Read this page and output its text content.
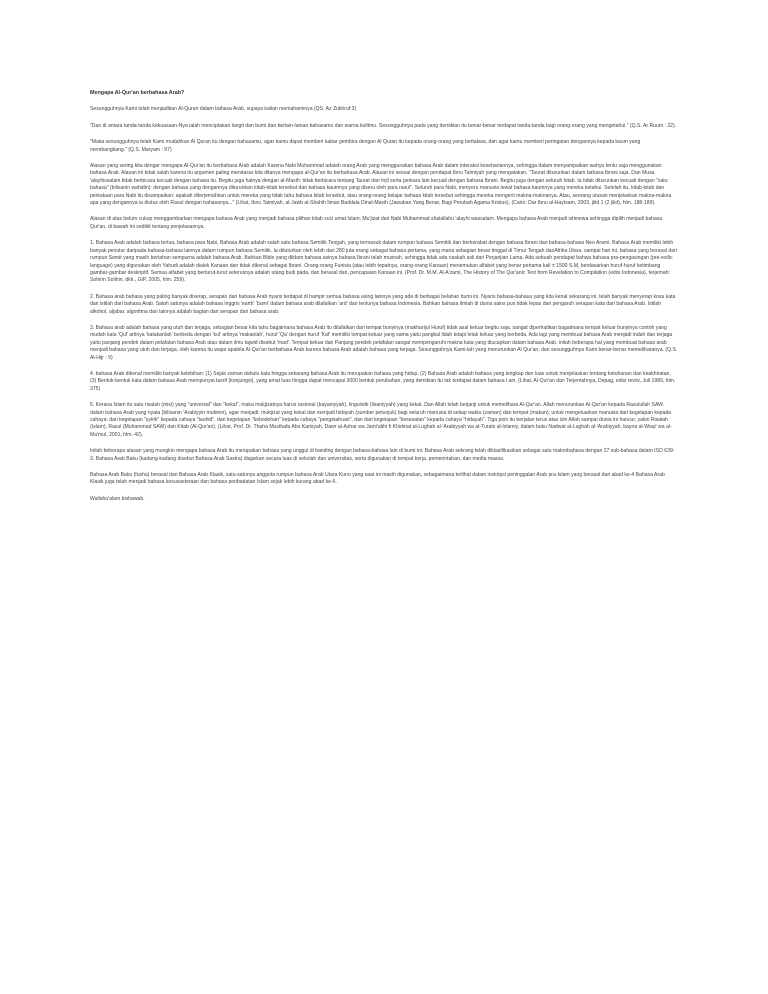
Mengapa Al-Qur'an berbahasa Arab?

Sesungguhnya Kami telah menjadikan Al-Quran dalam bahasa Arab, supaya kalian memahaminya (QS. Az Zukhruf:3)

"Dan di antara tanda-tanda kekuasaan-Nya ialah menciptakan langit dan bumi dan berlain-lainan bahasamu dan warna kulitmu. Sesungguhnya pada yang demikian itu benar-benar terdapat tanda-tanda bagi orang-orang yang mengetahui." (Q.S. Ar Ruum : 22).

"Maka sesungguhnya telah Kami mudahkan Al Quran itu dengan bahasamu, agar kamu dapat memberi kabar gembira dengan Al Quran itu kepada orang-orang yang bertakwa, dan agar kamu memberi peringatan dengannya kepada kaum yang membangkang." (Q.S. Maryam : 97)

Alasan yang sering kita dengar mengapa Al-Qur'an itu berbahasa Arab adalah Karena Nabi Muhammad adalah orang Arab yang menggunakan bahasa Arab dalam interaksi kesehariannya, sehingga dalam menyampaikan wahyu tentu saja menggunakan bahasa Arab. Alasan ini tidak salah karena itu argumen paling mendasar kita ditanya mengapa al-Qur'an itu berbahasa Arab. Alasan ini sesuai dengan pendapat Ibnu Taimiyah yang mengatakan, "Taurat diturunkan dalam bahasa Ibrani saja. Dan Musa 'alayhissalam tidak berbicara kecuali dengan bahasa itu. Begitu juga halnya dengan al-Masih: tidak berbicara tentang Taurat dan Injil serta perkara lain kecuali dengan bahasa Ibrani. Begitu juga dengan seluruh kitab. Ia tidak diturunkan kecuali dengan "satu bahasa" (bilisanin wahidin): dengan bahasa yang dengannya diturunkan kitab-kitab tersebut dan bahasa kaumnya yang diseru oleh para rasul". Seluruh para Nabi, menyeru manusia lewat bahasa kaumnya yang mereka ketahui. Setelah itu, kitab-kitab dan perkataan para Nabi itu disampaikan: apakah diterjemahkan untuk mereka yang tidak tahu bahasa kitab tersebut, atau orang-orang belajar bahasa kitab tersebut sehingga mereka mengerti makna-maknanya. Atau, seorang utusan menjelaskan makna-makna apa yang dengannya ia diutus oleh Rasul dengan bahasanya..." (Lihat, Ibnu Taimiyah, al-Jawb al-Shahih liman Baddala Dinal-Masih (Jawaban Yang Benar, Bagi Perubah Agama Kristus), (Cairo: Dar Ibnu al-Haytsam, 2003, jilid 1 (2 jilid), hlm. 188-189).

Alasan di atas belum cukup menggambarkan mengapa bahasa Arab yang menjadi bahasa pilihan kitab suci umat Islam, Mu'jizat dari Nabi Muhammad shalallahu 'alayhi wassalam. Mengapa bahasa Arab menjadi istimewa sehingga dipilih menjadi bahasa Qur'an, di bawah ini sedikit tentang penjelasannya.

1. Bahasa Arab adalah bahasa tertua, bahasa para Nabi, Bahasa Arab adalah salah satu bahasa Semitik Tengah, yang termasuk dalam rumpun bahasa Semitik dan berkerabat dengan bahasa Ibrani dan bahasa-bahasa Neo Arami. Bahasa Arab memiliki lebih banyak penutur daripada bahasa-bahasa lainnya dalam rumpun bahasa Semitik. Ia dituturkan oleh lebih dari 280 juta orang sebagai bahasa pertama, yang mana sebagian besar tinggal di Timur Tengah danAfrika Utara. sampai hari ini, bahasa yang berasal dari rumpun Semit yang masih bertahan sempurna adalah bahasa Arab. Bahkan Bible yang dildam bahasa asinya bahasa Ibrani telah musnah, sehingga tidak ada naskah asli dari Perjanjian Lama. Ada sebuah pendapat bahwa bahasa pra-pengasingan (pre-exilic language) yang digunakan oleh Yahudi adalah dialek Kanaan dan tidak dikenal sebagai Ibrani. Orang-orang Funisia (atau lebih tepatnya, orang-orang Kanaan) menemukan alfabet yang benar pertama kali ± 1500 S.M, berdasarkan huruf-huruf ketimbang gambar-gambar deskriptif. Semua alfabet yang berturut-turut seterusnya adalah utang budi pada, dan berasal dari, pencapaian Kanaan ini. (Prof. Dr. M.M. Al-A'zami, The History of The Qur'anic Text from Revelation to Compilation (edisi Indonesia), terjemah: Sohirin Solihin, dkk., GIP, 2005, hlm. 259).

2. Bahasa arab bahasa yang paling banyak diserap, serapan dari bahasa Arab nyaris terdapat di hampir semua bahasa asing lainnya yang ada di berbagai belahan bumi ini. Nyaris bahasa-bahasa yang kita kenal sekarang ini, telah banyak menyerap kosa kata dan istilah dari bahasa Arab. Salah satunya adalah bahasa Inggris 'earth' 'bumi' dalam bahasa arab dilafalkan 'ard' dan tentunya bahasa Indonesia. Bahkan bahasa ilmiah di dunia sains pun tidak lepas dari pengaruh serapan kata dari bahasa Arab. Istilah alkohol, aljabar, algoritma dan lainnya adalah bagian dari serapan dari bahasa arab.

3. Bahasa arab adalah bahasa yang utuh dan terjaga, sebagian besar kita tahu bagaimana bahasa Arab itu dilafalkan dari tempat bunyinya (makharijul Huruf) tidak asal keluar begitu saja, sangat diperhatikan bagaimana tempat keluar bunyinya contoh yang mudah kata 'Qul' artinya 'katakanlah' berbeda dengan 'kul' artinya 'makanlah', huruf 'Qa' dengan huruf 'Kaf' memiliki tempat keluar yang sama yaitu pangkal lidah tetapi letak keluar yang berbeda. Ada lagi yang membuat bahasa Arab menjadi indah dan terjaga yaitu panjang pendek dalam pelafalan bahasa Arab atau dalam ilmu tajwid disebut 'mad'. Tempat keluar dan Panjang pendek pelafalan sangat mempengaruhi makna kata yang diucapkan dalam bahasa Arab. inilah beberapa hal yang membuat bahasa arab menjadi bahasa yang utuh dan terjaga, oleh karena itu wajar apabila Al-Qur'an berbahasa Arab karena bahasa Arab adalah bahasa yang terjaga. Sesungguhnya Kami-lah yang menurunkan Al Qur'an, dan sesungguhnya Kami benar-benar memeliharanya. (Q.S. Al-Hijr : 9)

4. bahasa Arab dikenal memiliki banyak kelebihan: (1) Sejak zaman dahulu kala hingga sekarang bahasa Arab itu merupakan bahasa yang hidup, (2) Bahasa Arab adalah bahasa yang lengkap dan luas untuk menjelaskan tentang ketuhanan dan keakhiratan, (3) Bentuk-bentuk kata dalam bahasa Arab mempunyai tasrif (konjungsi), yang amat luas hingga dapat mencapai 3000 bentuk perubahan, yang demikian itu tak terdapat dalam bahasa l ain. (Lihat, Al-Qur'an dan Terjemahnya, Depag, edisi revisi, Juli 1989, hlm. 375)

5. Kerana Islam itu satu risalah (misi) yang "universal" dan "kekal", maka mukjizatnya harus rasional (bayaniyyah), linguistik (lisaniyyah) yang kekal. Dan Allah telah berjanji untuk memelihara Al-Qur'an. Allah menurunkan Al-Qur'an kepada Rasulullah SAW. dalam bahasa Arab yang nyata (bilisanin 'Arabiyyin mubinin), agar menjadi: mukjizat yang kekal dan menjadi hidayah (sumber petunjuk) bagi seluruh manusia di setiap waktu (zaman) dan tempat (makan); untuk mengeluarkan manusia dari kegelapan kepada cahaya: dari kegelapan "syirik" kepada cahaya "tauhid", dari kegelapan "kebodohan" kepada cahaya "pengetahuan", dan dari kegelapan "kesesatan" kepada cahaya "hidayah". Tiga poin itu berjalan terus atas izin Allah sampai dunia ini hancur, yakni Risalah (Islam), Rasul (Muhammad SAW) dan Kitab (Al-Qur'an). (Lihat, Prof. Dr. Thaha Musthafa Abu Karisyah, Dawr al-Azhar wa Jami'atihi fi Khidmat al-Lughah al-'Arabiyyah wa al-Turats al-Islamiy, dalam buku Nadwat al-Lughah al-'Arabiyyah, bayna al-Waqi' wa al-Ma'mul, 2001, hlm. 42).

Inilah beberapa alasan yang mungkin mengapa bahasa Arab itu merupakan bahasa yang unggul di banding dengan bahasa-bahasa lain di bumi ini. Bahasa Arab sekrang telah diklasifikasikan sebagai satu makrobahasa dengan 27 sub-bahasa dalam ISO 639-3. Bahasa Arab Baku (kadang-kadang disebut Bahasa Arab Sastra) diajarkan secara luas di sekolah dan universitas, serta digunakan di tempat kerja, pemerintahan, dan media massa.

Bahasa Arab Baku (fusha) berasal dari Bahasa Arab Klasik, satu-satunya anggota rumpun bahasa Arab Utara Kuno yang saat ini masih digunakan, sebagaimana terlihat dalam inskripsi peninggalan Arab pra-Islam yang berasal dari abad ke-4 Bahasa Arab Klasik juga telah menjadi bahasa kesusasteraan dan bahasa peribadatan Islam sejak lebih kurang abad ke-6.

Wallahu'alam bishawab.
